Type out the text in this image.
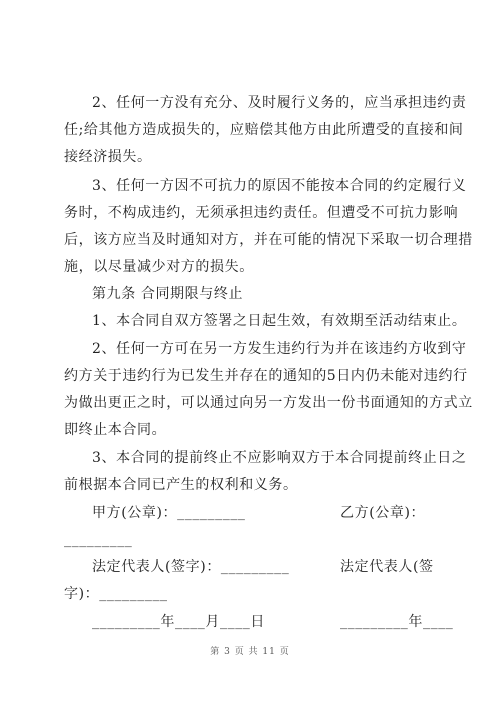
2、任何一方没有充分、及时履行义务的，应当承担违约责
任;给其他方造成损失的，应赔偿其他方由此所遭受的直接和间
接经济损失。
3、任何一方因不可抗力的原因不能按本合同的约定履行义
务时，不构成违约，无须承担违约责任。但遭受不可抗力影响
后，该方应当及时通知对方，并在可能的情况下采取一切合理措
施，以尽量减少对方的损失。
第九条 合同期限与终止
1、本合同自双方签署之日起生效，有效期至活动结束止。
2、任何一方可在另一方发生违约行为并在该违约方收到守
约方关于违约行为已发生并存在的通知的5日内仍未能对违约行
为做出更正之时，可以通过向另一方发出一份书面通知的方式立
即终止本合同。
3、本合同的提前终止不应影响双方于本合同提前终止日之
前根据本合同已产生的权利和义务。
甲方(公章)：_________	乙方(公章)：
_________
法定代表人(签字)：_________	法定代表人(签
字)：_________
_________年____月____日	_________年____
第 3 页 共 11 页
